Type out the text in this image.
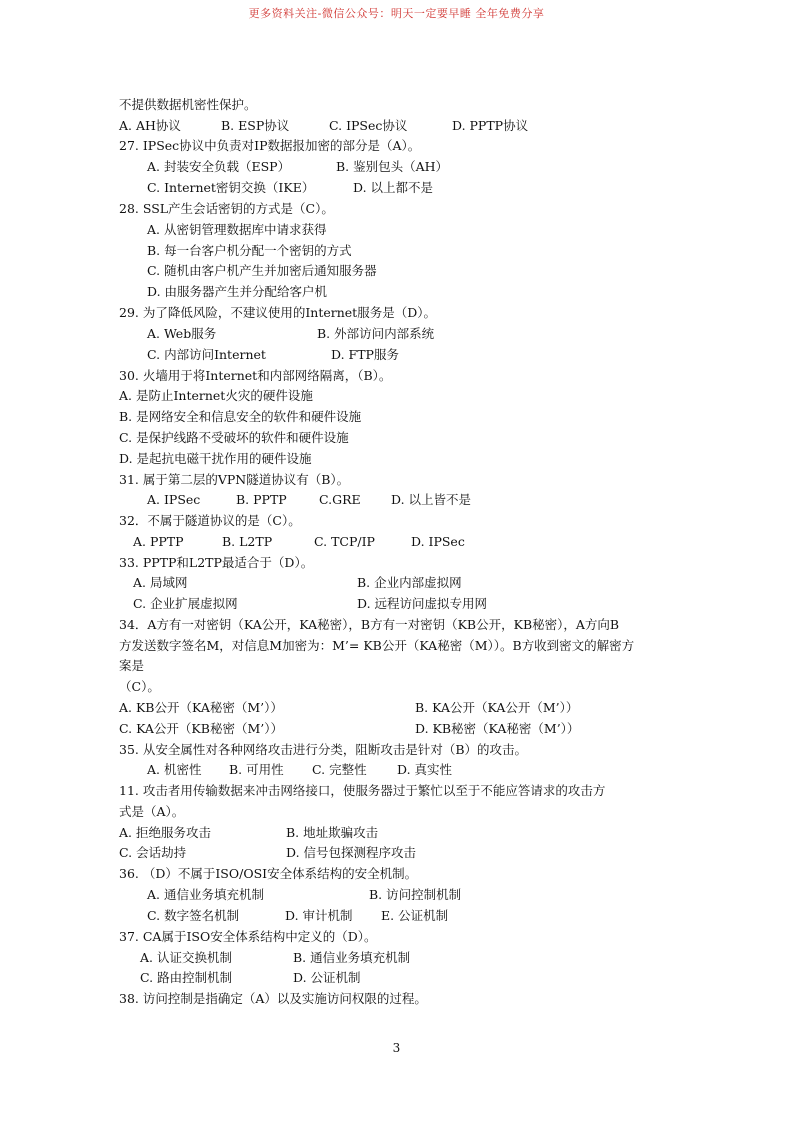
更多资料关注-微信公众号：明天一定要早睡 全年免费分享
不提供数据机密性保护。
A. AH协议	B. ESP协议	C. IPSec协议	D. PPTP协议
27. IPSec协议中负责对IP数据报加密的部分是（A）。
A. 封装安全负载（ESP）	B. 鉴别包头（AH）
C. Internet密钥交换（IKE）	D. 以上都不是
28. SSL产生会话密钥的方式是（C）。
A. 从密钥管理数据库中请求获得
B. 每一台客户机分配一个密钥的方式
C. 随机由客户机产生并加密后通知服务器
D. 由服务器产生并分配给客户机
29. 为了降低风险，不建议使用的Internet服务是（D）。
A. Web服务	B. 外部访问内部系统
C. 内部访问Internet	D. FTP服务
30. 火墙用于将Internet和内部网络隔离，（B）。
A. 是防止Internet火灾的硬件设施
B. 是网络安全和信息安全的软件和硬件设施
C. 是保护线路不受破坏的软件和硬件设施
D. 是起抗电磁干扰作用的硬件设施
31. 属于第二层的VPN隧道协议有（B）。
A. IPSec	B. PPTP	C.GRE D. 以上皆不是
32．不属于隧道协议的是（C）。
A. PPTP	B. L2TP	C. TCP/IP	D. IPSec
33. PPTP和L2TP最适合于（D）。
A. 局域网	B. 企业内部虚拟网
C. 企业扩展虚拟网	D. 远程访问虚拟专用网
34．A方有一对密钥（KA公开，KA秘密），B方有一对密钥（KB公开，KB秘密），A方向B
方发送数字签名M，对信息M加密为：M’= KB公开（KA秘密（M））。B方收到密文的解密方
案是
（C）。
A. KB公开（KA秘密（M’））	B. KA公开（KA公开（M’））
C. KA公开（KB秘密（M’））	D. KB秘密（KA秘密（M’））
35. 从安全属性对各种网络攻击进行分类，阻断攻击是针对（B）的攻击。
A. 机密性 B. 可用性 C. 完整性 D. 真实性
11. 攻击者用传输数据来冲击网络接口，使服务器过于繁忙以至于不能应答请求的攻击方
式是（A）。
A. 拒绝服务攻击	B. 地址欺骗攻击
C. 会话劫持	D. 信号包探测程序攻击
36. （D）不属于ISO/OSI安全体系结构的安全机制。
A. 通信业务填充机制	B. 访问控制机制
C. 数字签名机制	D. 审计机制 E. 公证机制
37. CA属于ISO安全体系结构中定义的（D）。
A. 认证交换机制	B. 通信业务填充机制
C. 路由控制机制	D. 公证机制
38. 访问控制是指确定（A）以及实施访问权限的过程。
3
